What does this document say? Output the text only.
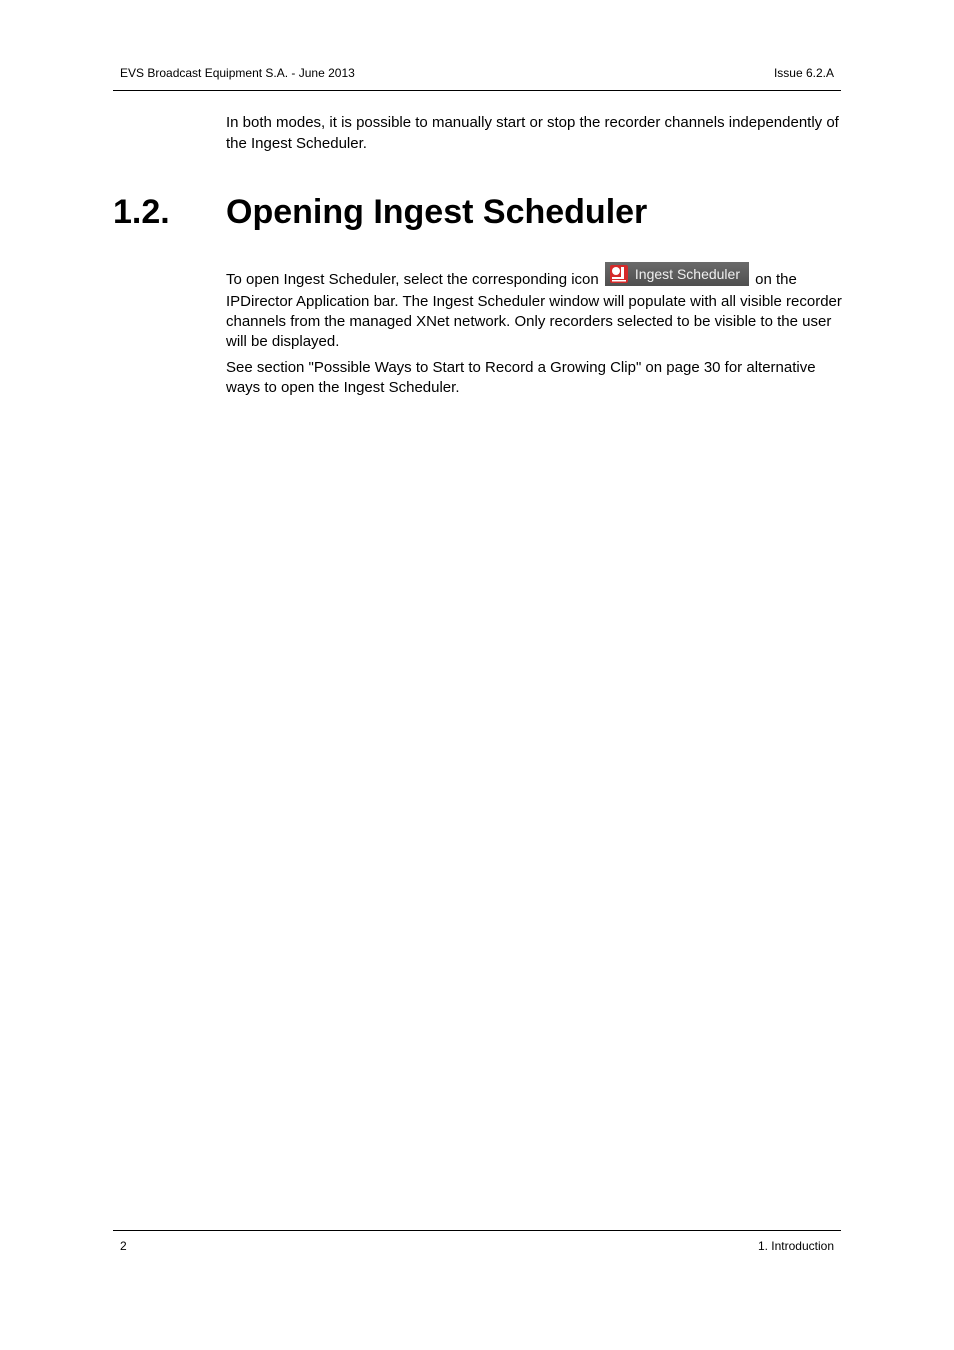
EVS Broadcast Equipment S.A. - June 2013	Issue 6.2.A

In both modes, it is possible to manually start or stop the recorder channels independently of the Ingest Scheduler.

1.2. Opening Ingest Scheduler

To open Ingest Scheduler, select the corresponding icon Ingest Scheduler on the IPDirector Application bar. The Ingest Scheduler window will populate with all visible recorder channels from the managed XNet network. Only recorders selected to be visible to the user will be displayed.

See section "Possible Ways to Start to Record a Growing Clip" on page 30 for alternative ways to open the Ingest Scheduler.

2	1. Introduction
